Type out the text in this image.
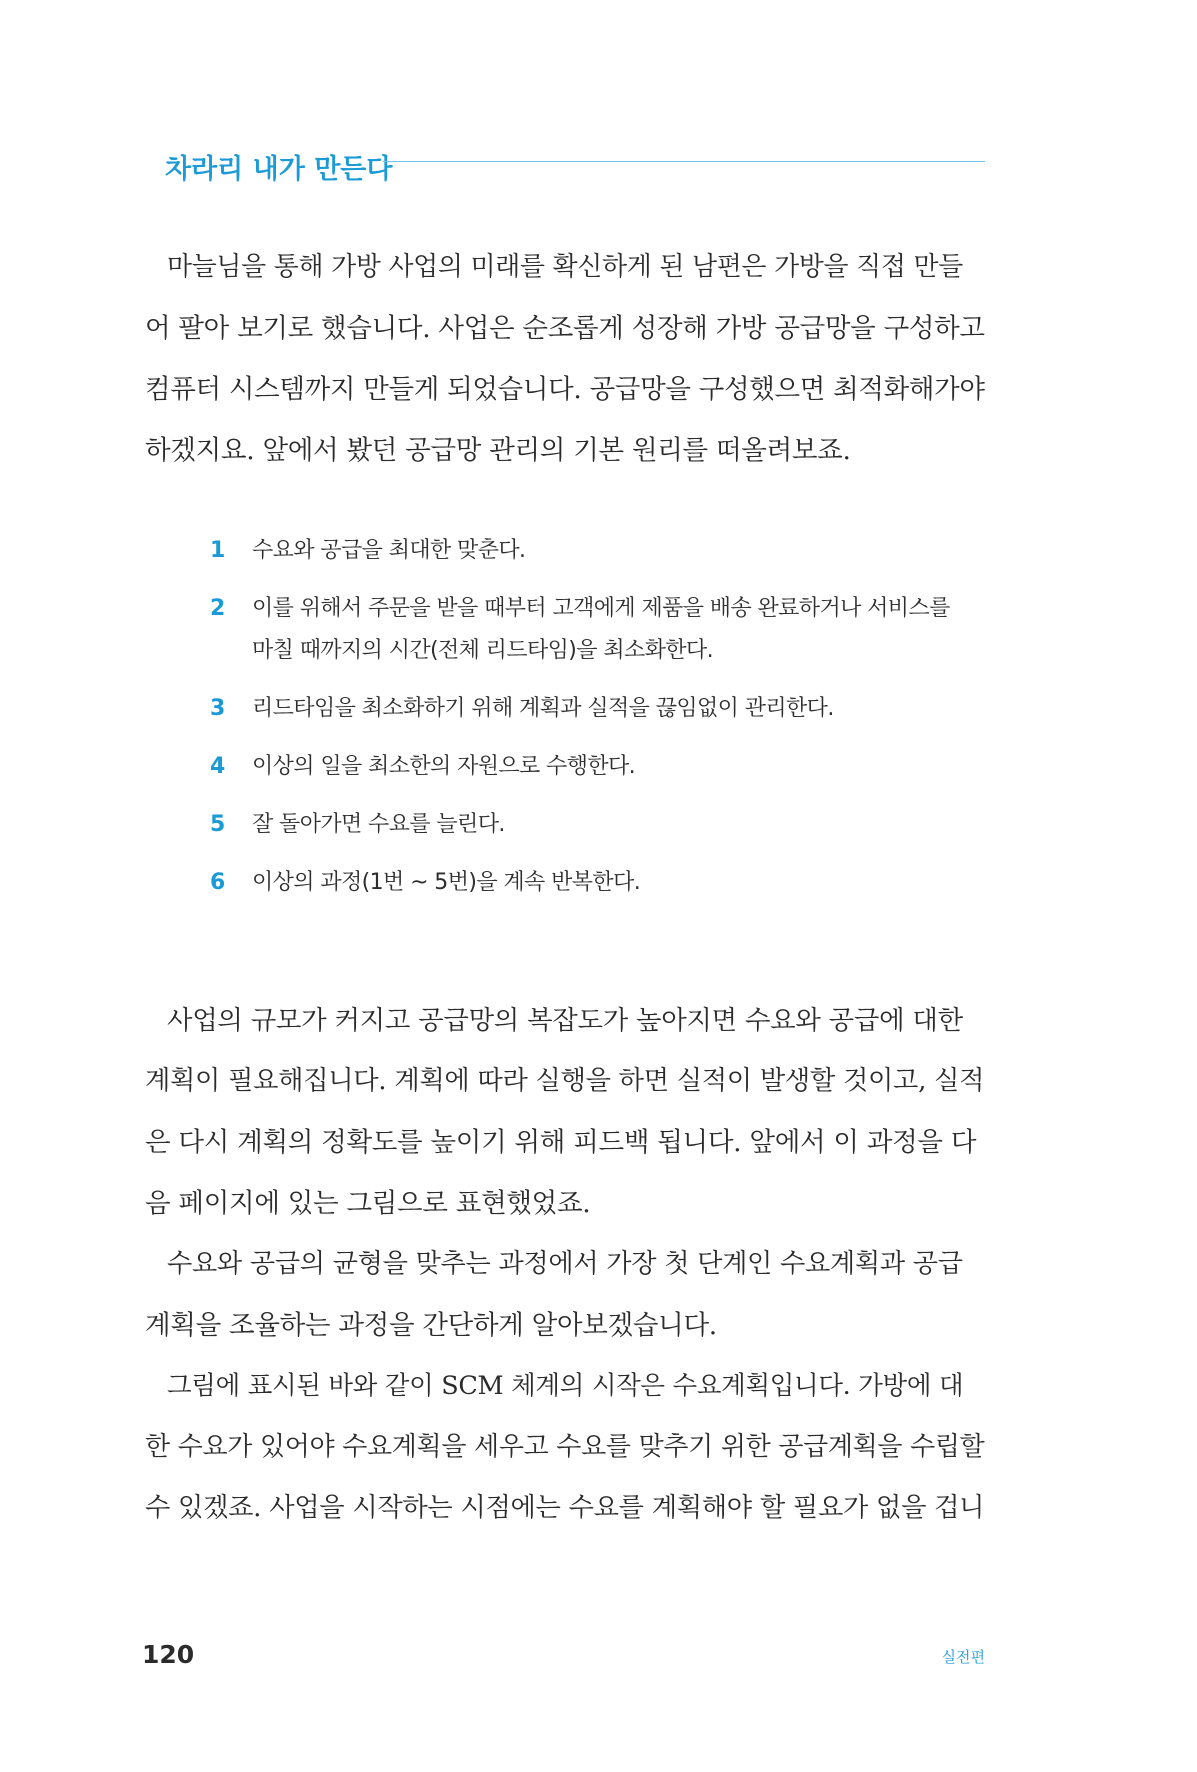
차라리 내가 만든다

마늘님을 통해 가방 사업의 미래를 확신하게 된 남편은 가방을 직접 만들
어 팔아 보기로 했습니다. 사업은 순조롭게 성장해 가방 공급망을 구성하고
컴퓨터 시스템까지 만들게 되었습니다. 공급망을 구성했으면 최적화해가야
하겠지요. 앞에서 봤던 공급망 관리의 기본 원리를 떠올려보죠.

1	수요와 공급을 최대한 맞춘다.
2	이를 위해서 주문을 받을 때부터 고객에게 제품을 배송 완료하거나 서비스를
마칠 때까지의 시간(전체 리드타임)을 최소화한다.
3	리드타임을 최소화하기 위해 계획과 실적을 끊임없이 관리한다.
4	이상의 일을 최소한의 자원으로 수행한다.
5	잘 돌아가면 수요를 늘린다.
6	이상의 과정(1번 ~ 5번)을 계속 반복한다.

사업의 규모가 커지고 공급망의 복잡도가 높아지면 수요와 공급에 대한
계획이 필요해집니다. 계획에 따라 실행을 하면 실적이 발생할 것이고, 실적
은 다시 계획의 정확도를 높이기 위해 피드백 됩니다. 앞에서 이 과정을 다
음 페이지에 있는 그림으로 표현했었죠.

수요와 공급의 균형을 맞추는 과정에서 가장 첫 단계인 수요계획과 공급
계획을 조율하는 과정을 간단하게 알아보겠습니다.

그림에 표시된 바와 같이 SCM 체계의 시작은 수요계획입니다. 가방에 대
한 수요가 있어야 수요계획을 세우고 수요를 맞추기 위한 공급계획을 수립할
수 있겠죠. 사업을 시작하는 시점에는 수요를 계획해야 할 필요가 없을 겁니

120	실전편
